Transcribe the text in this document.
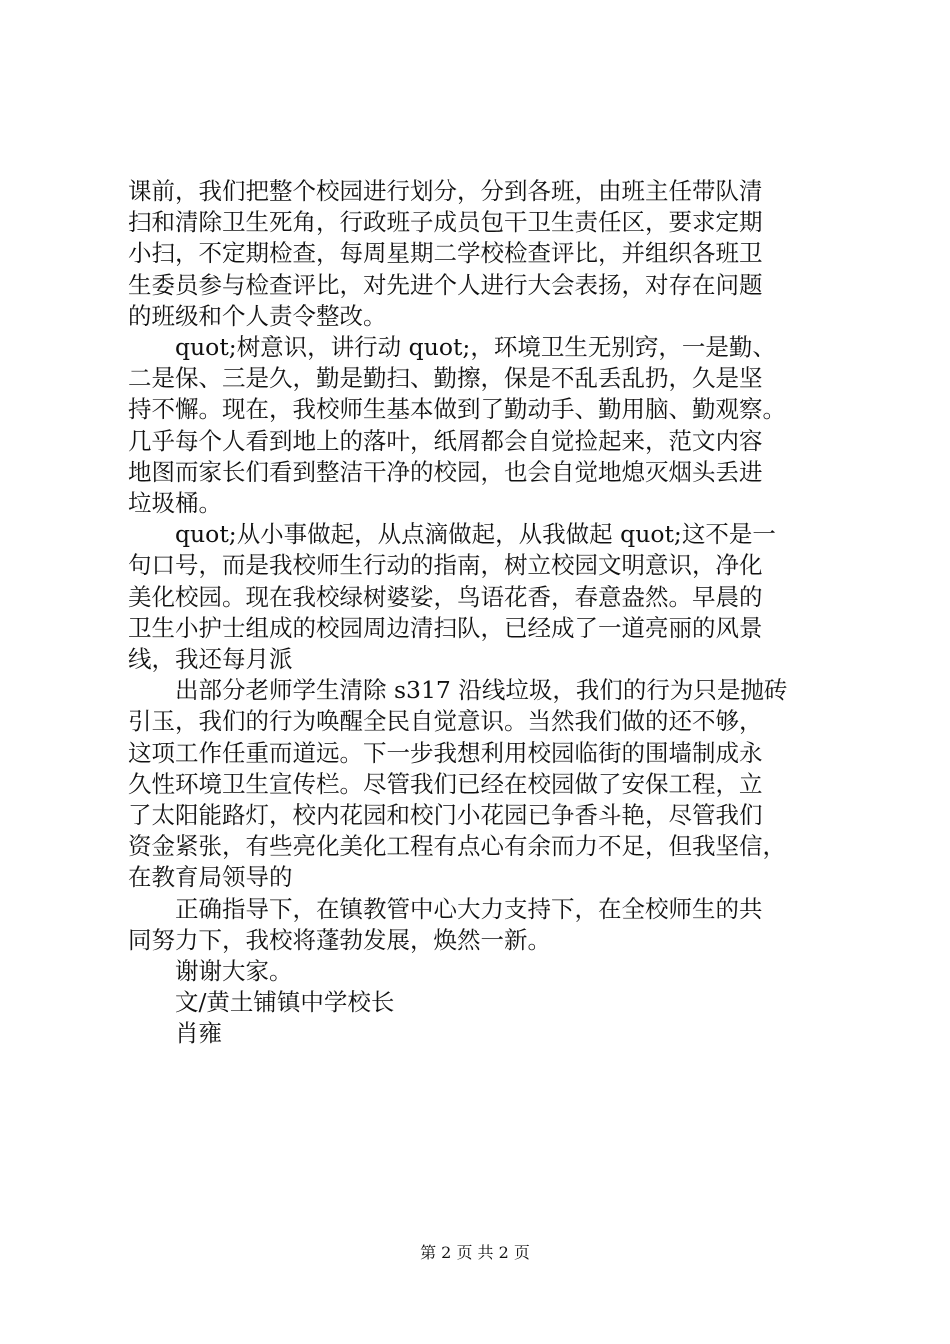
课前，我们把整个校园进行划分，分到各班，由班主任带队清
扫和清除卫生死角，行政班子成员包干卫生责任区，要求定期
小扫，不定期检查，每周星期二学校检查评比，并组织各班卫
生委员参与检查评比，对先进个人进行大会表扬，对存在问题
的班级和个人责令整改。

quot;树意识，讲行动 quot;，环境卫生无别窍，一是勤、
二是保、三是久，勤是勤扫、勤擦，保是不乱丢乱扔，久是坚
持不懈。现在，我校师生基本做到了勤动手、勤用脑、勤观察。
几乎每个人看到地上的落叶，纸屑都会自觉捡起来，范文内容
地图而家长们看到整洁干净的校园，也会自觉地熄灭烟头丢进
垃圾桶。

quot;从小事做起，从点滴做起，从我做起 quot;这不是一
句口号，而是我校师生行动的指南，树立校园文明意识，净化
美化校园。现在我校绿树婆娑，鸟语花香，春意盎然。早晨的
卫生小护士组成的校园周边清扫队，已经成了一道亮丽的风景
线，我还每月派

出部分老师学生清除 s317 沿线垃圾，我们的行为只是抛砖
引玉，我们的行为唤醒全民自觉意识。当然我们做的还不够，
这项工作任重而道远。下一步我想利用校园临街的围墙制成永
久性环境卫生宣传栏。尽管我们已经在校园做了安保工程，立
了太阳能路灯，校内花园和校门小花园已争香斗艳，尽管我们
资金紧张，有些亮化美化工程有点心有余而力不足，但我坚信，
在教育局领导的

正确指导下，在镇教管中心大力支持下，在全校师生的共
同努力下，我校将蓬勃发展，焕然一新。

谢谢大家。
文/黄土铺镇中学校长
肖雍

第 2 页 共 2 页
